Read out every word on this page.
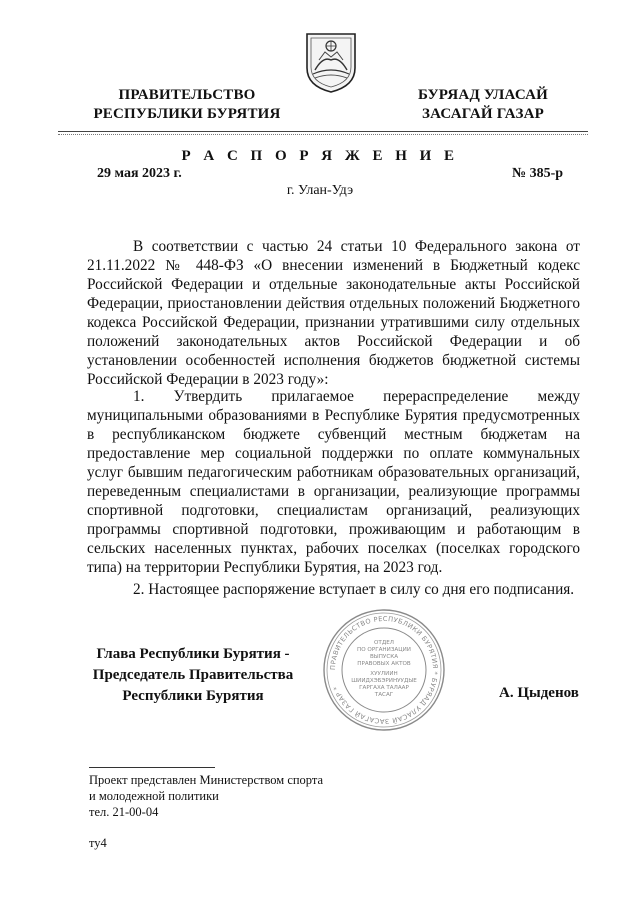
ПРАВИТЕЛЬСТВО
РЕСПУБЛИКИ БУРЯТИЯ
БУРЯАД УЛАСАЙ
ЗАСАГАЙ ГАЗАР
Р А С П О Р Я Ж Е Н И Е
29 мая 2023 г.	№ 385-р
г. Улан-Удэ

В соответствии с частью 24 статьи 10 Федерального закона от 21.11.2022 № 448-ФЗ «О внесении изменений в Бюджетный кодекс Российской Федерации и отдельные законодательные акты Российской Федерации, приостановлении действия отдельных положений Бюджетного кодекса Российской Федерации, признании утратившими силу отдельных положений законодательных актов Российской Федерации и об установлении особенностей исполнения бюджетов бюджетной системы Российской Федерации в 2023 году»:

1. Утвердить прилагаемое перераспределение между муниципальными образованиями в Республике Бурятия предусмотренных в республиканском бюджете субвенций местным бюджетам на предоставление мер социальной поддержки по оплате коммунальных услуг бывшим педагогическим работникам образовательных организаций, переведенным специалистами в организации, реализующие программы спортивной подготовки, специалистам организаций, реализующих программы спортивной подготовки, проживающим и работающим в сельских населенных пунктах, рабочих поселках (поселках городского типа) на территории Республики Бурятия, на 2023 год.

2. Настоящее распоряжение вступает в силу со дня его подписания.

Глава Республики Бурятия -
Председатель Правительства
Республики Бурятия
ПРАВИТЕЛЬСТВО РЕСПУБЛИКИ БУРЯТИЯ * БУРЯАД УЛАСАЙ ЗАСАГАЙ ГАЗАР *
ОТДЕЛ
ПО ОРГАНИЗАЦИИ
ВЫПУСКА
ПРАВОВЫХ АКТОВ
ХУУЛИИН
ШИИДХЭБЭРИНУУДЫЕ
ГАРГАХА ТАЛААР
ТАСАГ	А. Цыденов
Проект представлен Министерством спорта
и молодежной политики
тел. 21-00-04
ту4
